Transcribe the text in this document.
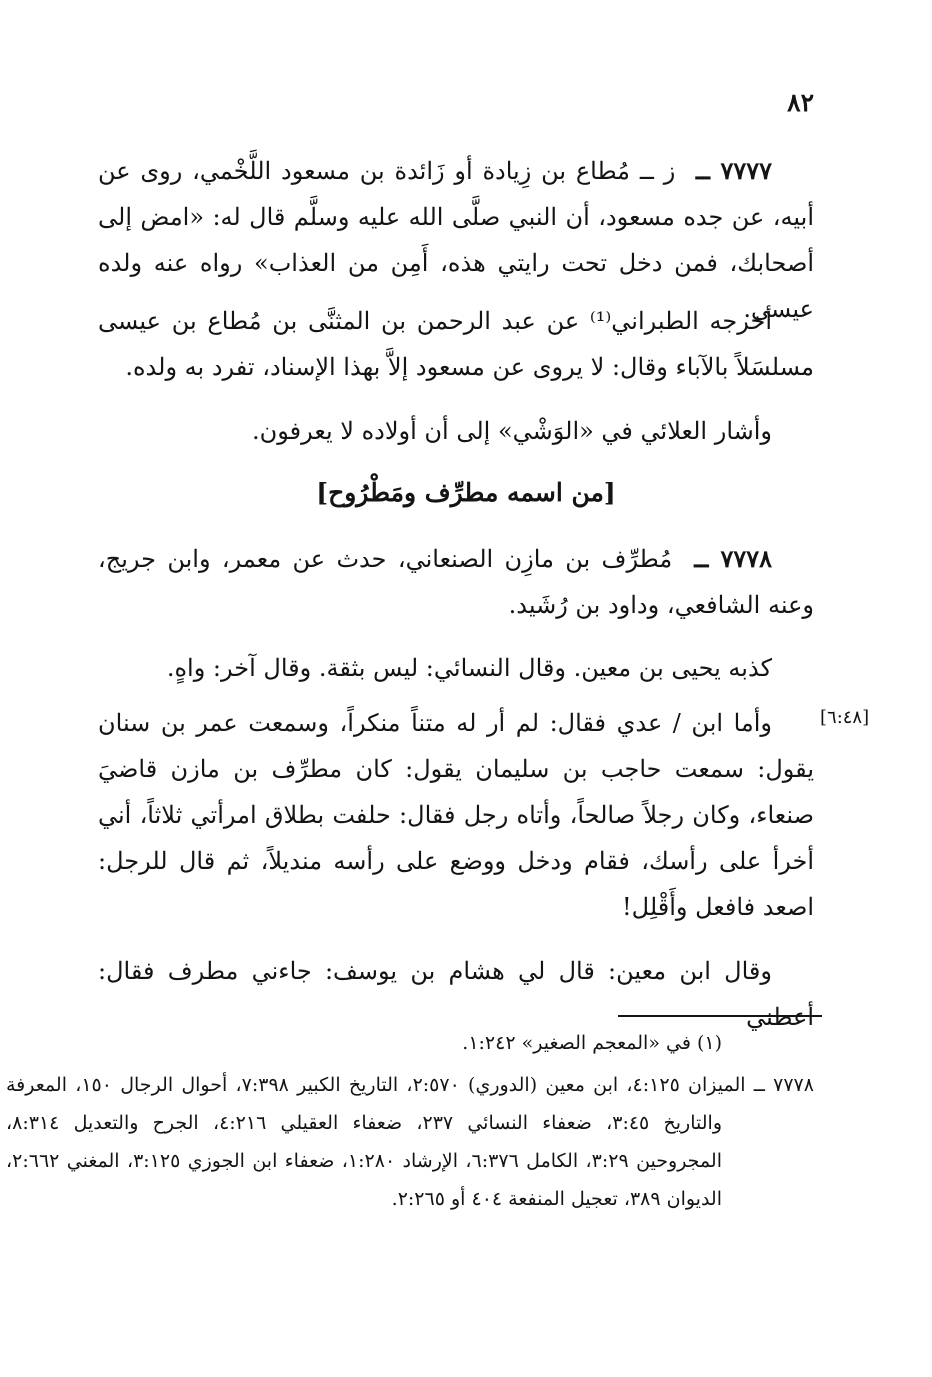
٨٢
٧٧٧٧ ــ ز ــ مُطاع بن زِيادة أو زَائدة بن مسعود اللَّخْمي، روى عن أبيه، عن جده مسعود، أن النبي صلَّى الله عليه وسلَّم قال له: «امض إلى أصحابك، فمن دخل تحت رايتي هذه، أَمِن من العذاب» رواه عنه ولده عيسى.
أخرجه الطبراني⁽¹⁾ عن عبد الرحمن بن المثنَّى بن مُطاع بن عيسى مسلسَلاً بالآباء وقال: لا يروى عن مسعود إلاَّ بهذا الإسناد، تفرد به ولده.
وأشار العلائي في «الوَشْي» إلى أن أولاده لا يعرفون.
[من اسمه مطرِّف ومَطْرُوح]
٧٧٧٨ ــ مُطرِّف بن مازِن الصنعاني، حدث عن معمر، وابن جريج، وعنه الشافعي، وداود بن رُشَيد.
كذبه يحيى بن معين. وقال النسائي: ليس بثقة. وقال آخر: واهٍ.
[٦:٤٨]
وأما ابن / عدي فقال: لم أر له متناً منكراً، وسمعت عمر بن سنان يقول: سمعت حاجب بن سليمان يقول: كان مطرِّف بن مازن قاضيَ صنعاء، وكان رجلاً صالحاً، وأتاه رجل فقال: حلفت بطلاق امرأتي ثلاثاً، أني أخرأ على رأسك، فقام ودخل ووضع على رأسه منديلاً، ثم قال للرجل: اصعد فافعل وأَقْلِل!
وقال ابن معين: قال لي هشام بن يوسف: جاءني مطرف فقال: أعطني
(١) في «المعجم الصغير» ١:٢٤٢.
٧٧٧٨ ــ الميزان ٤:١٢٥، ابن معين (الدوري) ٢:٥٧٠، التاريخ الكبير ٧:٣٩٨، أحوال الرجال ١٥٠، المعرفة والتاريخ ٣:٤٥، ضعفاء النسائي ٢٣٧، ضعفاء العقيلي ٤:٢١٦، الجرح والتعديل ٨:٣١٤، المجروحين ٣:٢٩، الكامل ٦:٣٧٦، الإرشاد ١:٢٨٠، ضعفاء ابن الجوزي ٣:١٢٥، المغني ٢:٦٦٢، الديوان ٣٨٩، تعجيل المنفعة ٤٠٤ أو ٢:٢٦٥.
